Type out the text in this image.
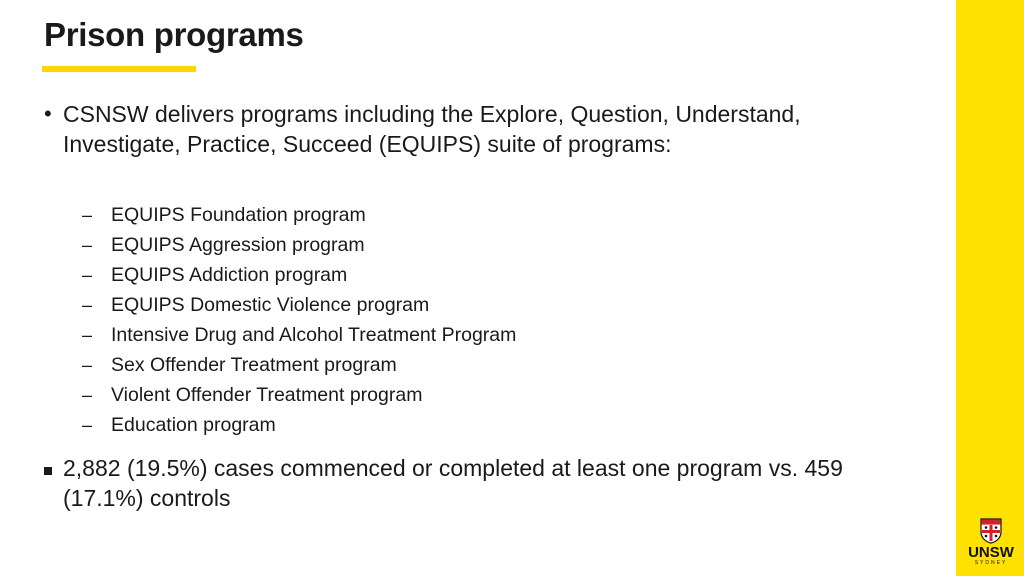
Prison programs
• CSNSW delivers programs including the Explore, Question, Understand, Investigate, Practice, Succeed (EQUIPS) suite of programs:
– EQUIPS Foundation program
– EQUIPS Aggression program
– EQUIPS Addiction program
– EQUIPS Domestic Violence program
– Intensive Drug and Alcohol Treatment Program
– Sex Offender Treatment program
– Violent Offender Treatment program
– Education program
2,882 (19.5%) cases commenced or completed at least one program vs. 459 (17.1%) controls
UNSW
SYDNEY
